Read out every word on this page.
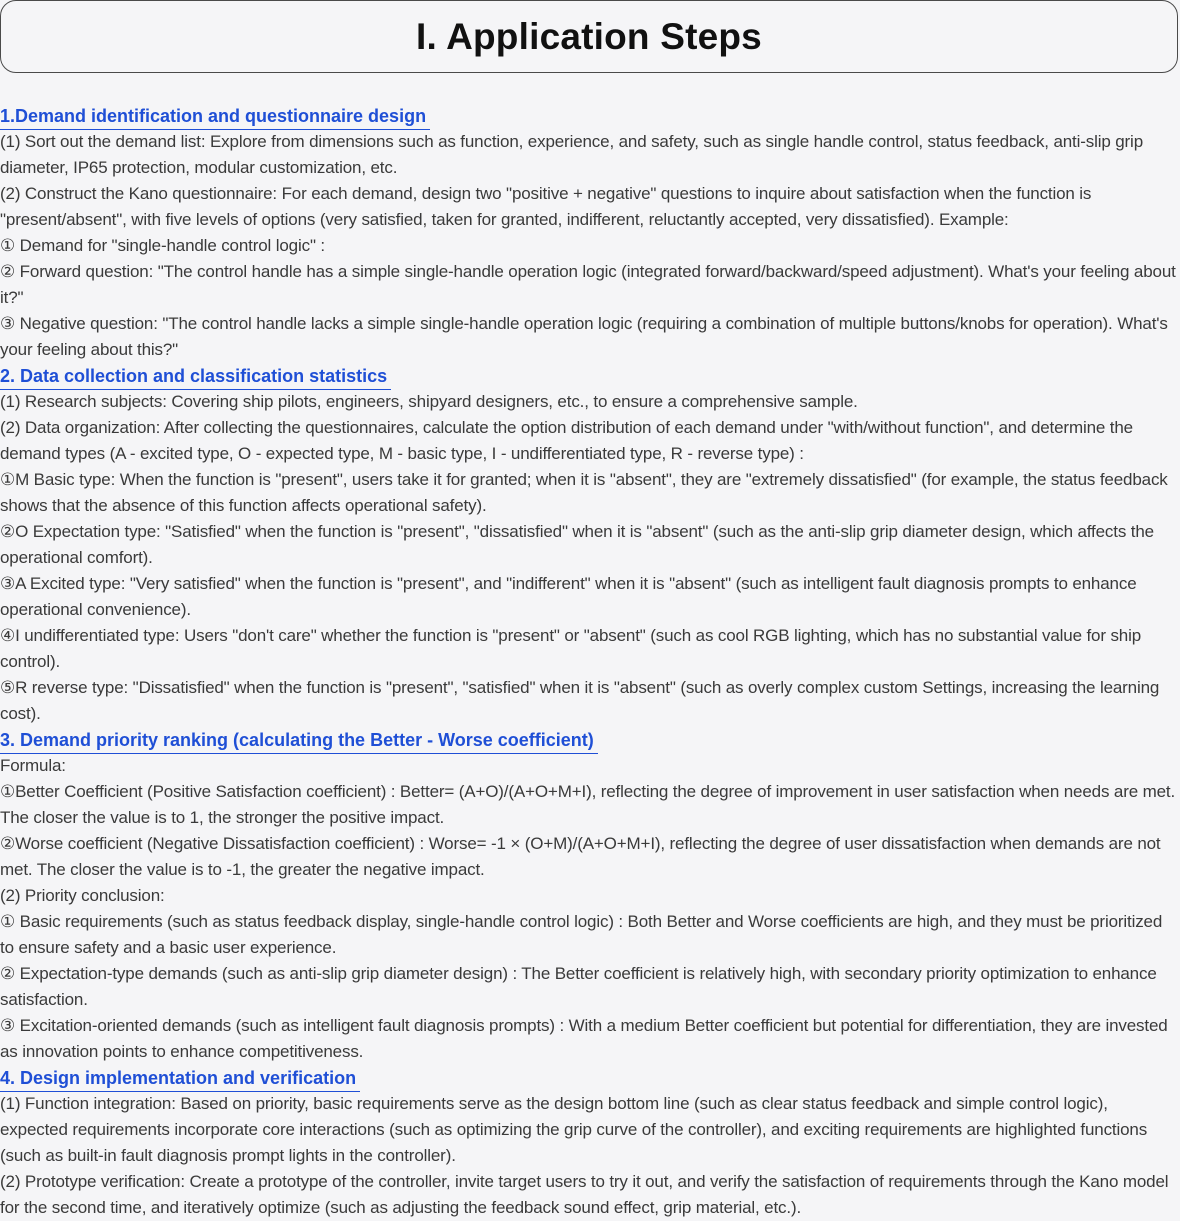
I. Application Steps
1.Demand identification and questionnaire design

(1) Sort out the demand list: Explore from dimensions such as function, experience, and safety, such as single handle control, status feedback, anti-slip grip diameter, IP65 protection, modular customization, etc.

(2) Construct the Kano questionnaire: For each demand, design two "positive + negative" questions to inquire about satisfaction when the function is "present/absent", with five levels of options (very satisfied, taken for granted, indifferent, reluctantly accepted, very dissatisfied). Example:

① Demand for "single-handle control logic" :

② Forward question: "The control handle has a simple single-handle operation logic (integrated forward/backward/speed adjustment). What's your feeling about it?"

③ Negative question: "The control handle lacks a simple single-handle operation logic (requiring a combination of multiple buttons/knobs for operation). What's your feeling about this?"

2. Data collection and classification statistics

(1) Research subjects: Covering ship pilots, engineers, shipyard designers, etc., to ensure a comprehensive sample.

(2) Data organization: After collecting the questionnaires, calculate the option distribution of each demand under "with/without function", and determine the demand types (A - excited type, O - expected type, M - basic type, I - undifferentiated type, R - reverse type) :

①M Basic type: When the function is "present", users take it for granted; when it is "absent", they are "extremely dissatisfied" (for example, the status feedback shows that the absence of this function affects operational safety).

②O Expectation type: "Satisfied" when the function is "present", "dissatisfied" when it is "absent" (such as the anti-slip grip diameter design, which affects the operational comfort).

③A Excited type: "Very satisfied" when the function is "present", and "indifferent" when it is "absent" (such as intelligent fault diagnosis prompts to enhance operational convenience).

④I undifferentiated type: Users "don't care" whether the function is "present" or "absent" (such as cool RGB lighting, which has no substantial value for ship control).

⑤R reverse type: "Dissatisfied" when the function is "present", "satisfied" when it is "absent" (such as overly complex custom Settings, increasing the learning cost).

3. Demand priority ranking (calculating the Better - Worse coefficient)

Formula:

①Better Coefficient (Positive Satisfaction coefficient) : Better= (A+O)/(A+O+M+I), reflecting the degree of improvement in user satisfaction when needs are met. The closer the value is to 1, the stronger the positive impact.

②Worse coefficient (Negative Dissatisfaction coefficient) : Worse= -1 × (O+M)/(A+O+M+I), reflecting the degree of user dissatisfaction when demands are not met. The closer the value is to -1, the greater the negative impact.

(2) Priority conclusion:

① Basic requirements (such as status feedback display, single-handle control logic) : Both Better and Worse coefficients are high, and they must be prioritized to ensure safety and a basic user experience.

② Expectation-type demands (such as anti-slip grip diameter design) : The Better coefficient is relatively high, with secondary priority optimization to enhance satisfaction.

③ Excitation-oriented demands (such as intelligent fault diagnosis prompts) : With a medium Better coefficient but potential for differentiation, they are invested as innovation points to enhance competitiveness.

4. Design implementation and verification

(1) Function integration: Based on priority, basic requirements serve as the design bottom line (such as clear status feedback and simple control logic), expected requirements incorporate core interactions (such as optimizing the grip curve of the controller), and exciting requirements are highlighted functions (such as built-in fault diagnosis prompt lights in the controller).

(2) Prototype verification: Create a prototype of the controller, invite target users to try it out, and verify the satisfaction of requirements through the Kano model for the second time, and iteratively optimize (such as adjusting the feedback sound effect, grip material, etc.).
